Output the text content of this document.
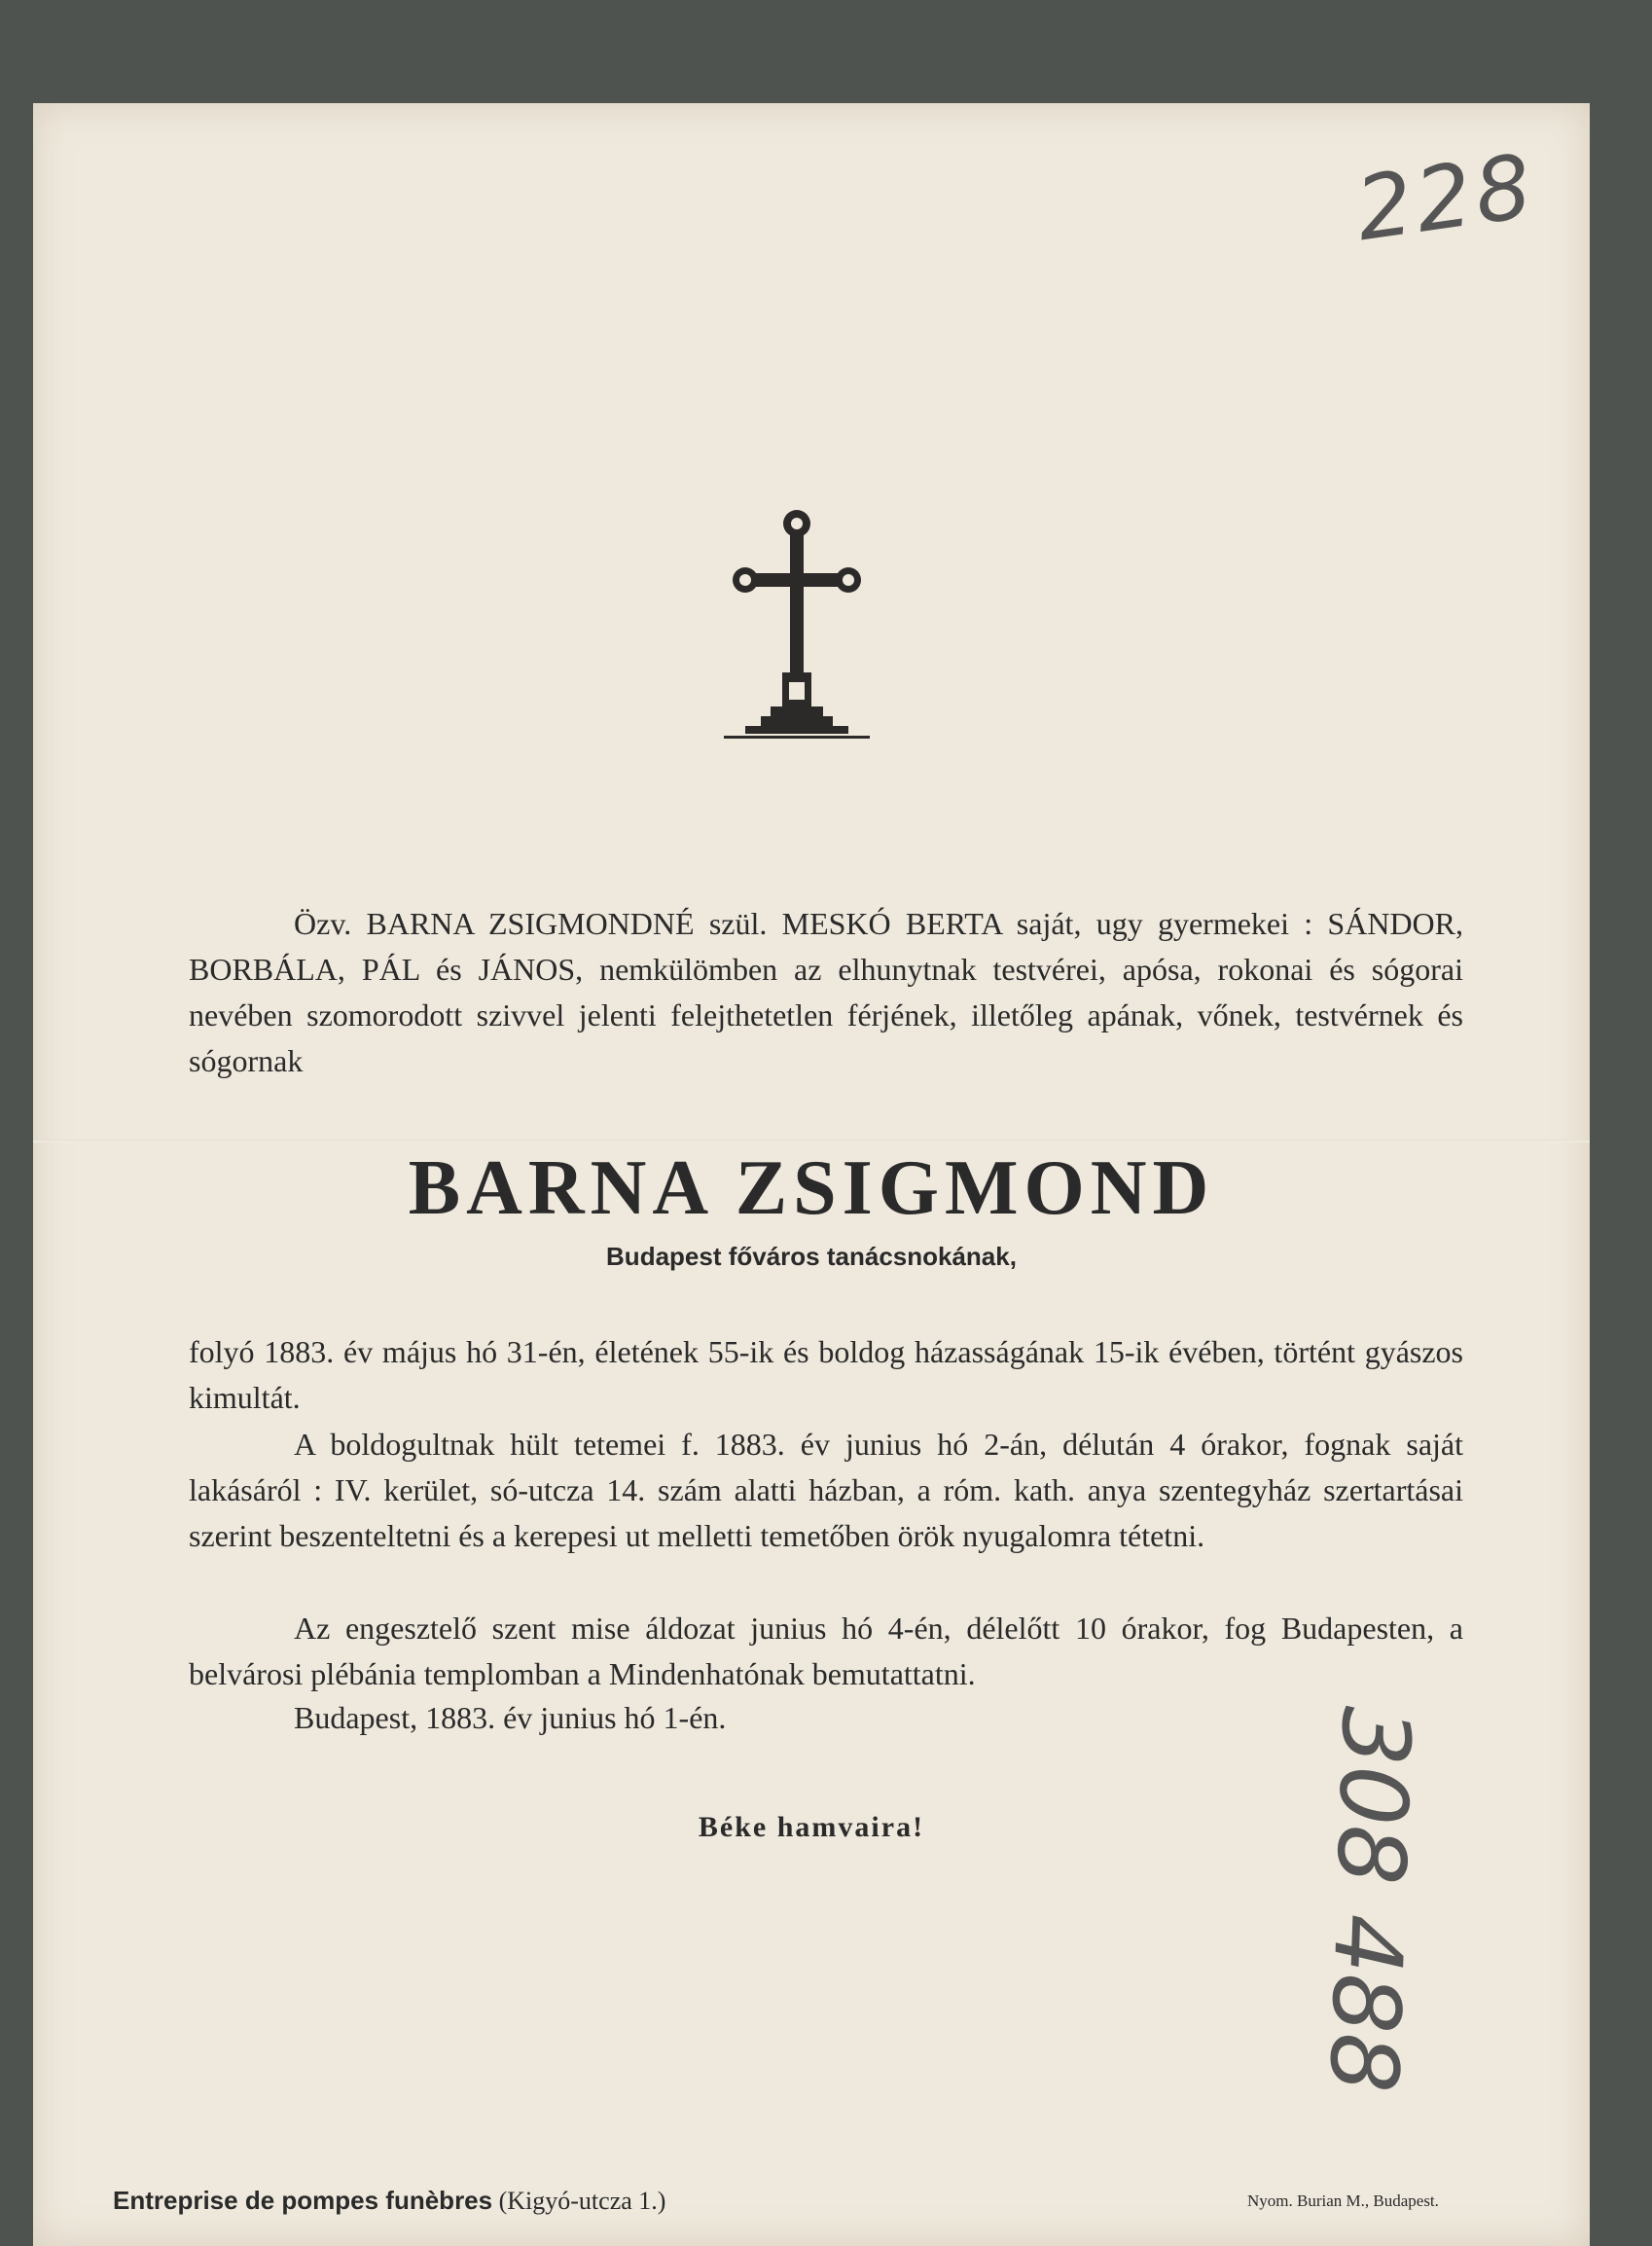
228
Özv. BARNA ZSIGMONDNÉ szül. MESKÓ BERTA saját, ugy gyermekei : SÁNDOR, BORBÁLA, PÁL és JÁNOS, nemkülömben az elhunytnak testvérei, apósa, rokonai és sógorai nevében szomorodott szivvel jelenti felejthetetlen férjének, illetőleg apának, vőnek, testvérnek és sógornak
BARNA ZSIGMOND
Budapest főváros tanácsnokának,
folyó 1883. év május hó 31-én, életének 55-ik és boldog házasságának 15-ik évében, történt gyászos kimultát.
A boldogultnak hült tetemei f. 1883. év junius hó 2-án, délután 4 órakor, fognak saját lakásáról : IV. kerület, só-utcza 14. szám alatti házban, a róm. kath. anya szentegyház szertartásai szerint beszenteltetni és a kerepesi ut melletti temetőben örök nyugalomra tétetni.
Az engesztelő szent mise áldozat junius hó 4-én, délelőtt 10 órakor, fog Budapesten, a belvárosi plébánia templomban a Mindenhatónak bemutattatni.
Budapest, 1883. év junius hó 1-én.
Béke hamvaira!	308 488
Entreprise de pompes funèbres (Kigyó-utcza 1.)	Nyom. Burian M., Budapest.
